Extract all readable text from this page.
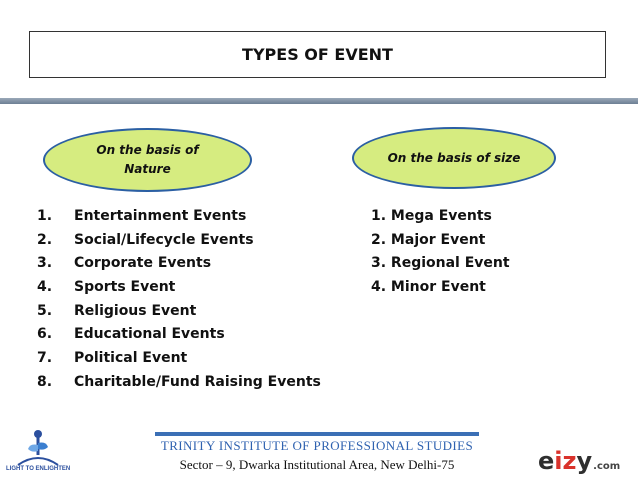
TYPES OF EVENT
On the basis of Nature
On the basis of size
1. Entertainment Events
2. Social/Lifecycle Events
3. Corporate Events
4. Sports Event
5. Religious Event
6. Educational Events
7. Political Event
8. Charitable/Fund Raising Events
1. Mega Events
2. Major Event
3. Regional Event
4. Minor Event
LIGHT TO ENLIGHTEN
TRINITY INSTITUTE OF PROFESSIONAL STUDIES
Sector – 9, Dwarka Institutional Area, New Delhi-75	eizy .com
